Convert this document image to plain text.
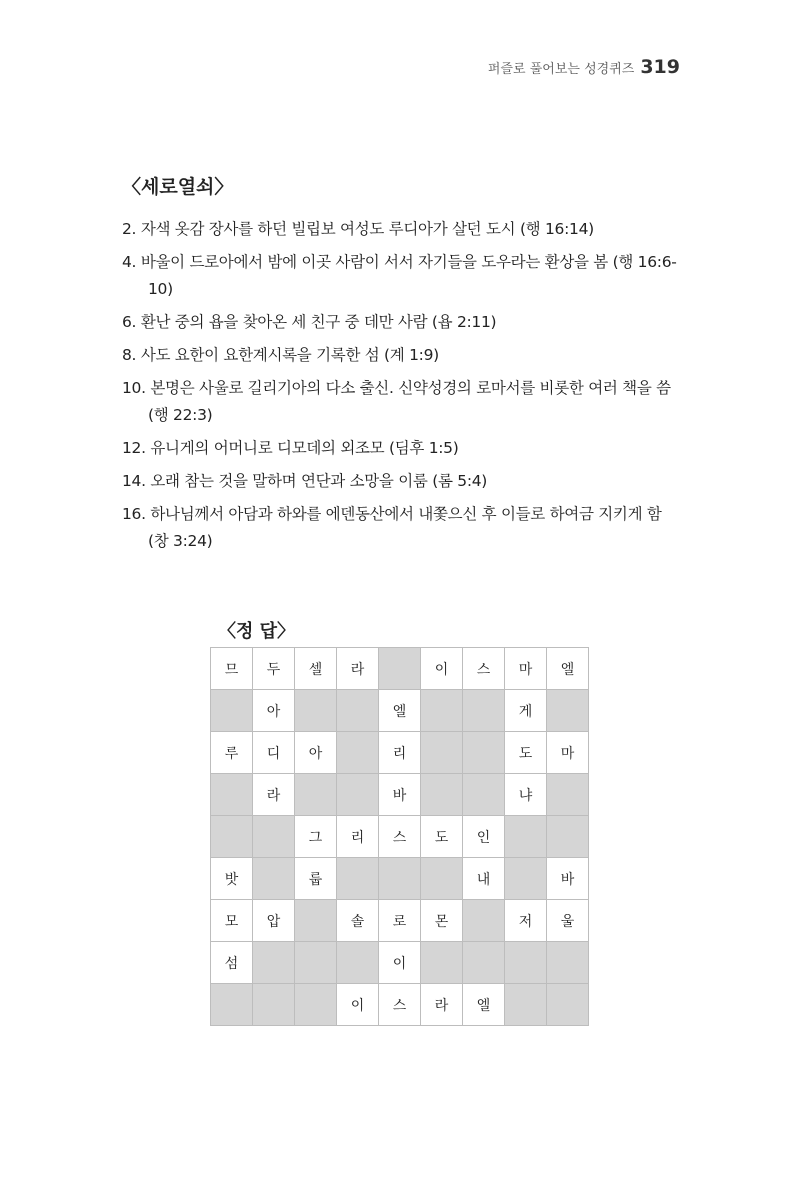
퍼즐로 풀어보는 성경퀴즈 319
〈세로열쇠〉
2. 자색 옷감 장사를 하던 빌립보 여성도 루디아가 살던 도시 (행 16:14)
4. 바울이 드로아에서 밤에 이곳 사람이 서서 자기들을 도우라는 환상을 봄 (행 16:6-10)
6. 환난 중의 욥을 찾아온 세 친구 중 데만 사람 (욥 2:11)
8. 사도 요한이 요한계시록을 기록한 섬 (계 1:9)
10. 본명은 사울로 길리기아의 다소 출신. 신약성경의 로마서를 비롯한 여러 책을 씀 (행 22:3)
12. 유니게의 어머니로 디모데의 외조모 (딤후 1:5)
14. 오래 참는 것을 말하며 연단과 소망을 이룸 (롬 5:4)
16. 하나님께서 아담과 하와를 에덴동산에서 내쫓으신 후 이들로 하여금 지키게 함 (창 3:24)
〈정 답〉
므	두	셀	라		이	스	마	엘
	아			엘			게	
루	디	아		리			도	마
	라			바			냐	
		그	리	스	도	인		
밧		룹				내		바
모	압		솔	로	몬		저	울
섬				이				
			이	스	라	엘		
